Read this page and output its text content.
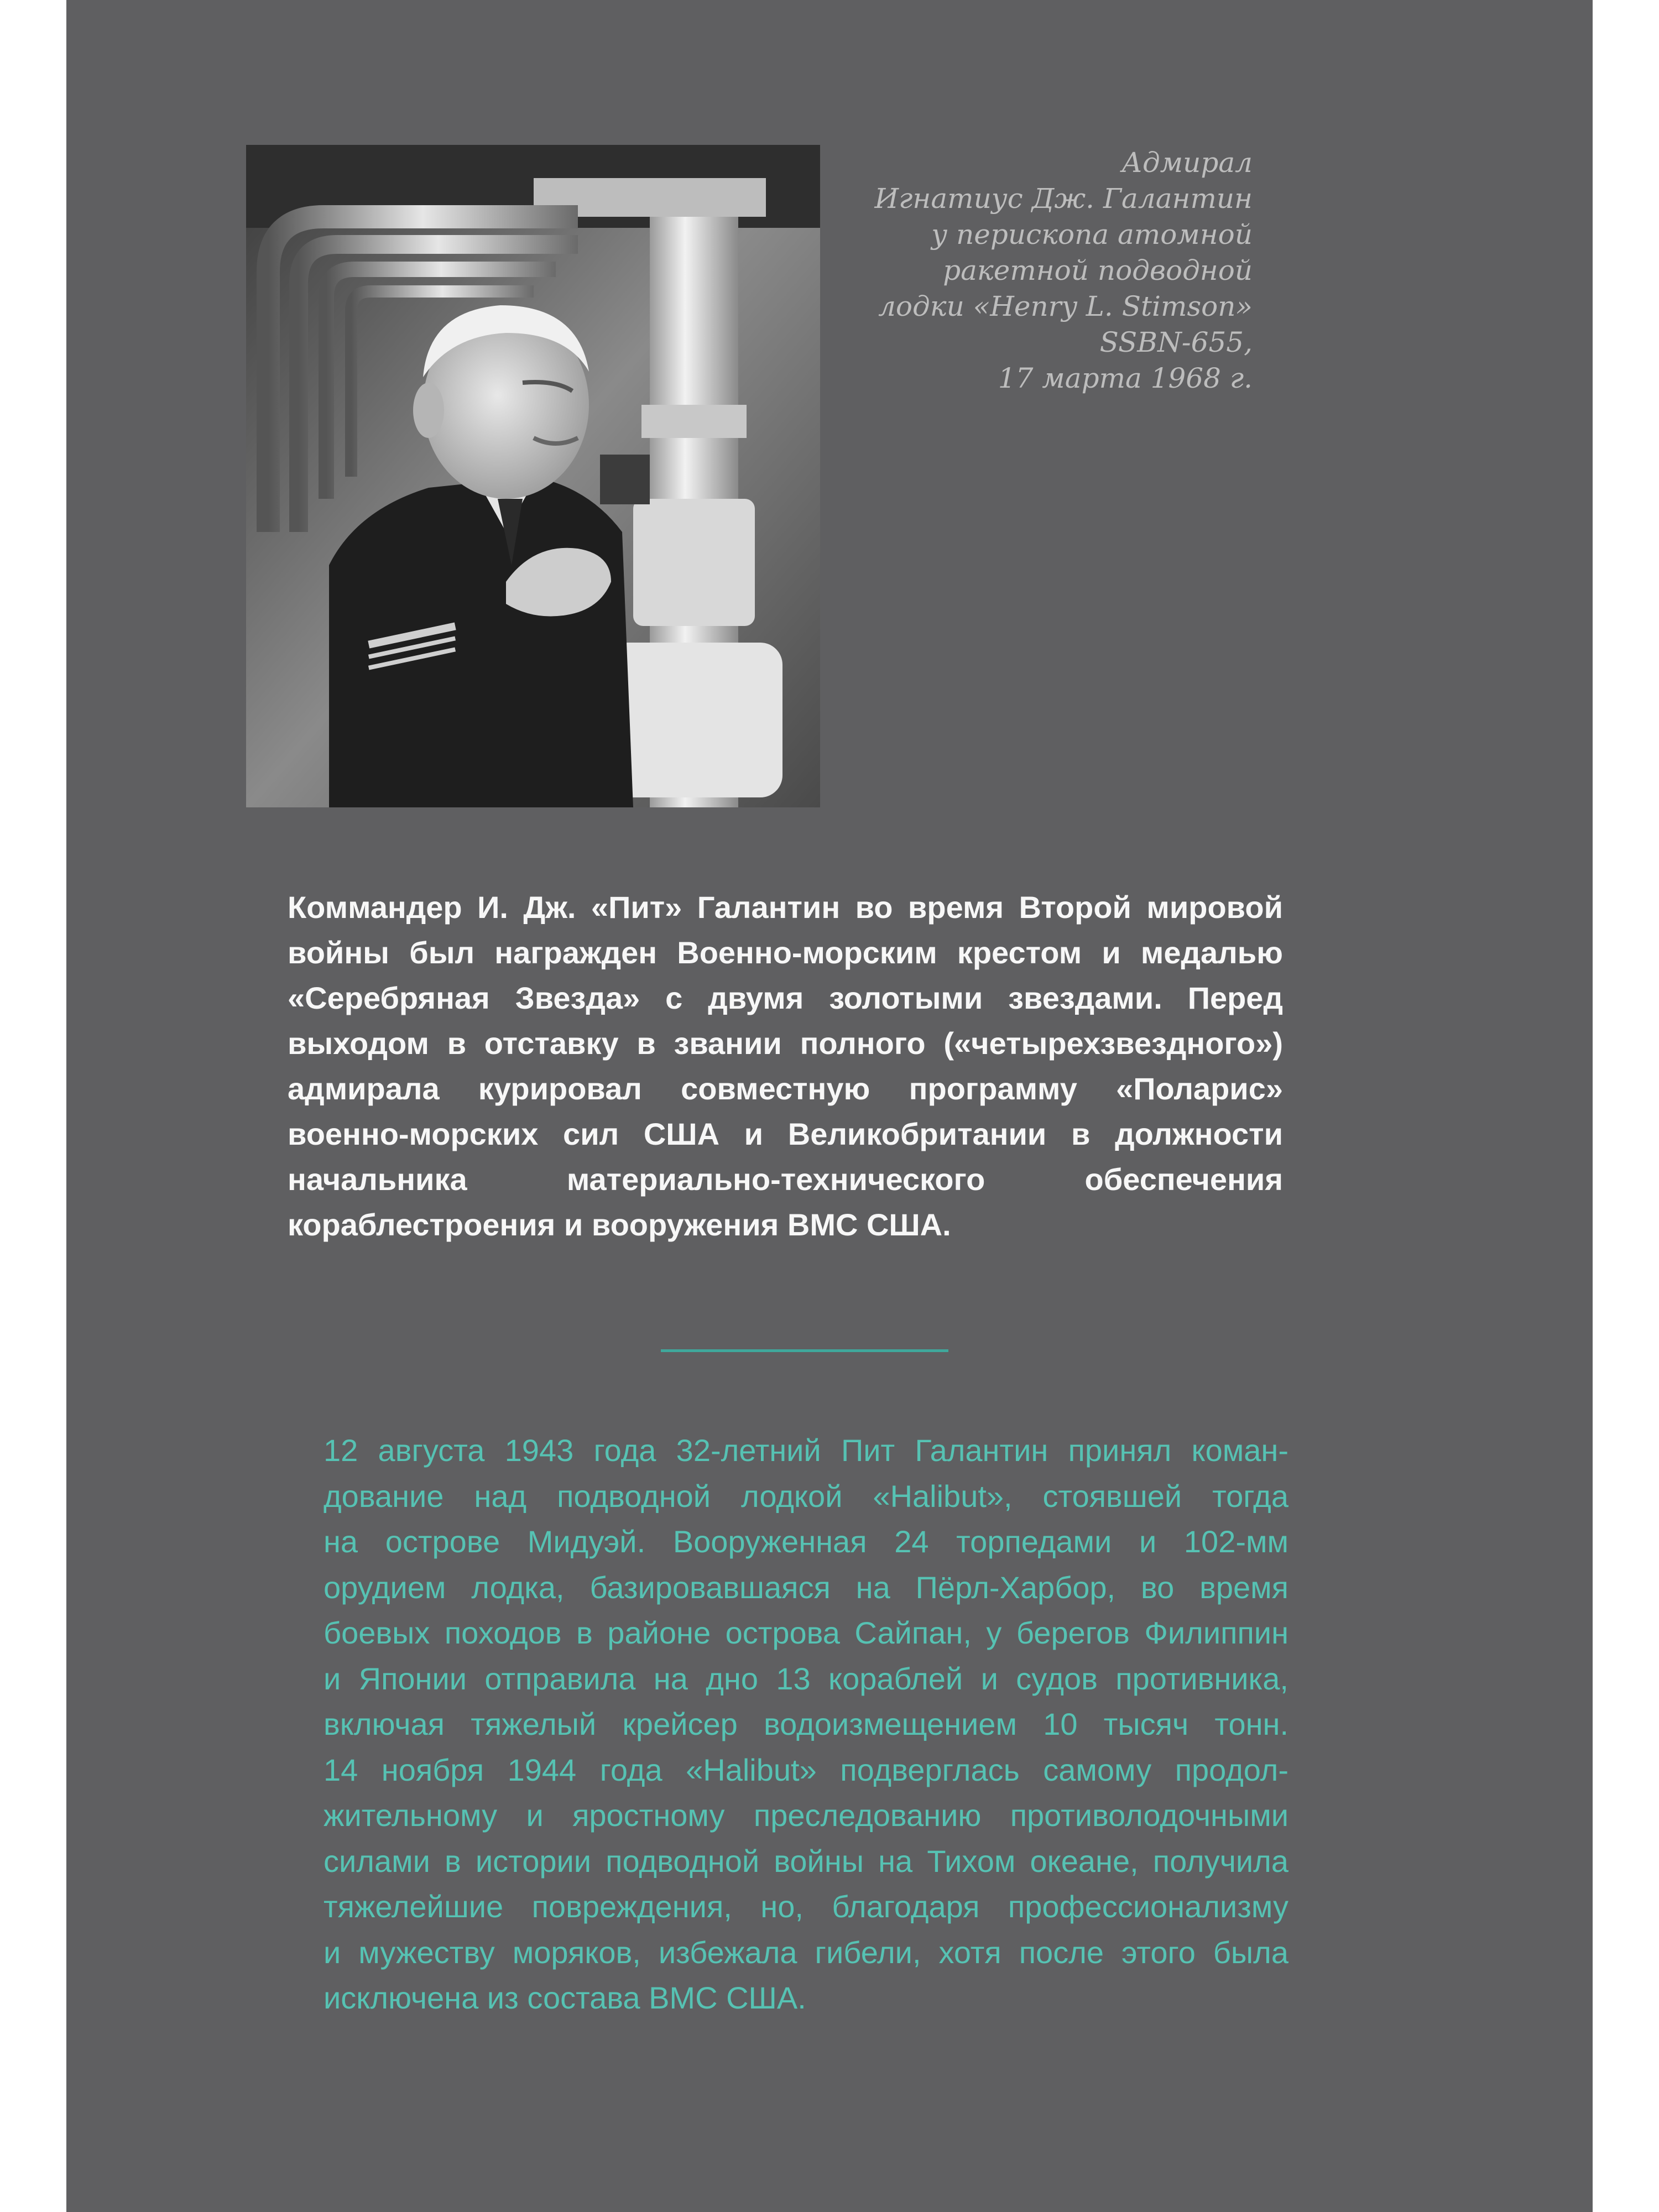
Адмирал
Игнатиус Дж. Галантин
у перископа атомной
ракетной подводной
лодки «Henry L. Stimson»
SSBN-655,
17 марта 1968 г.
Коммандер И. Дж. «Пит» Галантин во время Второй мировой
войны был награжден Военно-морским крестом и медалью
«Серебряная Звезда» с двумя золотыми звездами. Перед
выходом в отставку в звании полного («четырехзвездного»)
адмирала курировал совместную программу «Поларис»
военно-морских сил США и Великобритании в должности
начальника материально-технического обеспечения
кораблестроения и вооружения ВМС США.
12 августа 1943 года 32-летний Пит Галантин принял коман-
дование над подводной лодкой «Halibut», стоявшей тогда
на острове Мидуэй. Вооруженная 24 торпедами и 102-мм
орудием лодка, базировавшаяся на Пёрл-Харбор, во время
боевых походов в районе острова Сайпан, у берегов Филиппин
и Японии отправила на дно 13 кораблей и судов противника,
включая тяжелый крейсер водоизмещением 10 тысяч тонн.
14 ноября 1944 года «Halibut» подверглась самому продол-
жительному и яростному преследованию противолодочными
силами в истории подводной войны на Тихом океане, получила
тяжелейшие повреждения, но, благодаря профессионализму
и мужеству моряков, избежала гибели, хотя после этого была
исключена из состава ВМС США.
